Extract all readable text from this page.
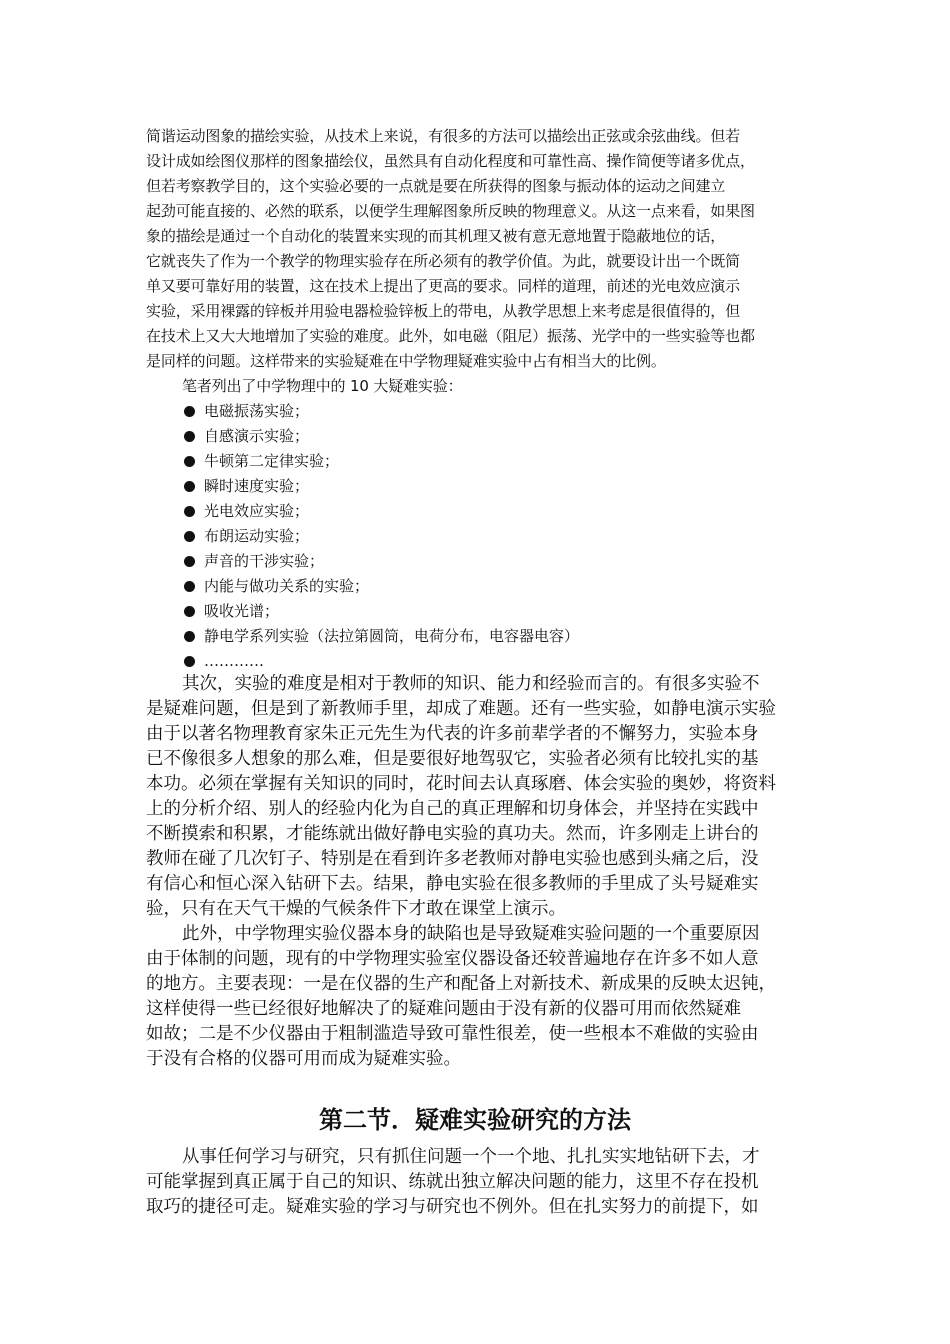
简谐运动图象的描绘实验，从技术上来说，有很多的方法可以描绘出正弦或余弦曲线。但若
设计成如绘图仪那样的图象描绘仪，虽然具有自动化程度和可靠性高、操作简便等诸多优点，
但若考察教学目的，这个实验必要的一点就是要在所获得的图象与振动体的运动之间建立
起劲可能直接的、必然的联系，以便学生理解图象所反映的物理意义。从这一点来看，如果图
象的描绘是通过一个自动化的装置来实现的而其机理又被有意无意地置于隐蔽地位的话，
它就丧失了作为一个教学的物理实验存在所必须有的教学价值。为此，就要设计出一个既简
单又要可靠好用的装置，这在技术上提出了更高的要求。同样的道理，前述的光电效应演示
实验，采用裸露的锌板并用验电器检验锌板上的带电，从教学思想上来考虑是很值得的，但
在技术上又大大地增加了实验的难度。此外，如电磁（阻尼）振荡、光学中的一些实验等也都
是同样的问题。这样带来的实验疑难在中学物理疑难实验中占有相当大的比例。
笔者列出了中学物理中的 10 大疑难实验：
电磁振荡实验；
自感演示实验；
牛顿第二定律实验；
瞬时速度实验；
光电效应实验；
布朗运动实验；
声音的干涉实验；
内能与做功关系的实验；
吸收光谱；
静电学系列实验（法拉第圆筒，电荷分布，电容器电容）
…………
其次，实验的难度是相对于教师的知识、能力和经验而言的。有很多实验不
是疑难问题，但是到了新教师手里，却成了难题。还有一些实验，如静电演示实验
由于以著名物理教育家朱正元先生为代表的许多前辈学者的不懈努力，实验本身
已不像很多人想象的那么难，但是要很好地驾驭它，实验者必须有比较扎实的基
本功。必须在掌握有关知识的同时，花时间去认真琢磨、体会实验的奥妙，将资料
上的分析介绍、别人的经验内化为自己的真正理解和切身体会，并坚持在实践中
不断摸索和积累，才能练就出做好静电实验的真功夫。然而，许多刚走上讲台的
教师在碰了几次钉子、特别是在看到许多老教师对静电实验也感到头痛之后，没
有信心和恒心深入钻研下去。结果，静电实验在很多教师的手里成了头号疑难实
验，只有在天气干燥的气候条件下才敢在课堂上演示。
此外，中学物理实验仪器本身的缺陷也是导致疑难实验问题的一个重要原因
由于体制的问题，现有的中学物理实验室仪器设备还较普遍地存在许多不如人意
的地方。主要表现：一是在仪器的生产和配备上对新技术、新成果的反映太迟钝，
这样使得一些已经很好地解决了的疑难问题由于没有新的仪器可用而依然疑难
如故；二是不少仪器由于粗制滥造导致可靠性很差，使一些根本不难做的实验由
于没有合格的仪器可用而成为疑难实验。
第二节．疑难实验研究的方法
从事任何学习与研究，只有抓住问题一个一个地、扎扎实实地钻研下去，才
可能掌握到真正属于自己的知识、练就出独立解决问题的能力，这里不存在投机
取巧的捷径可走。疑难实验的学习与研究也不例外。但在扎实努力的前提下，如
